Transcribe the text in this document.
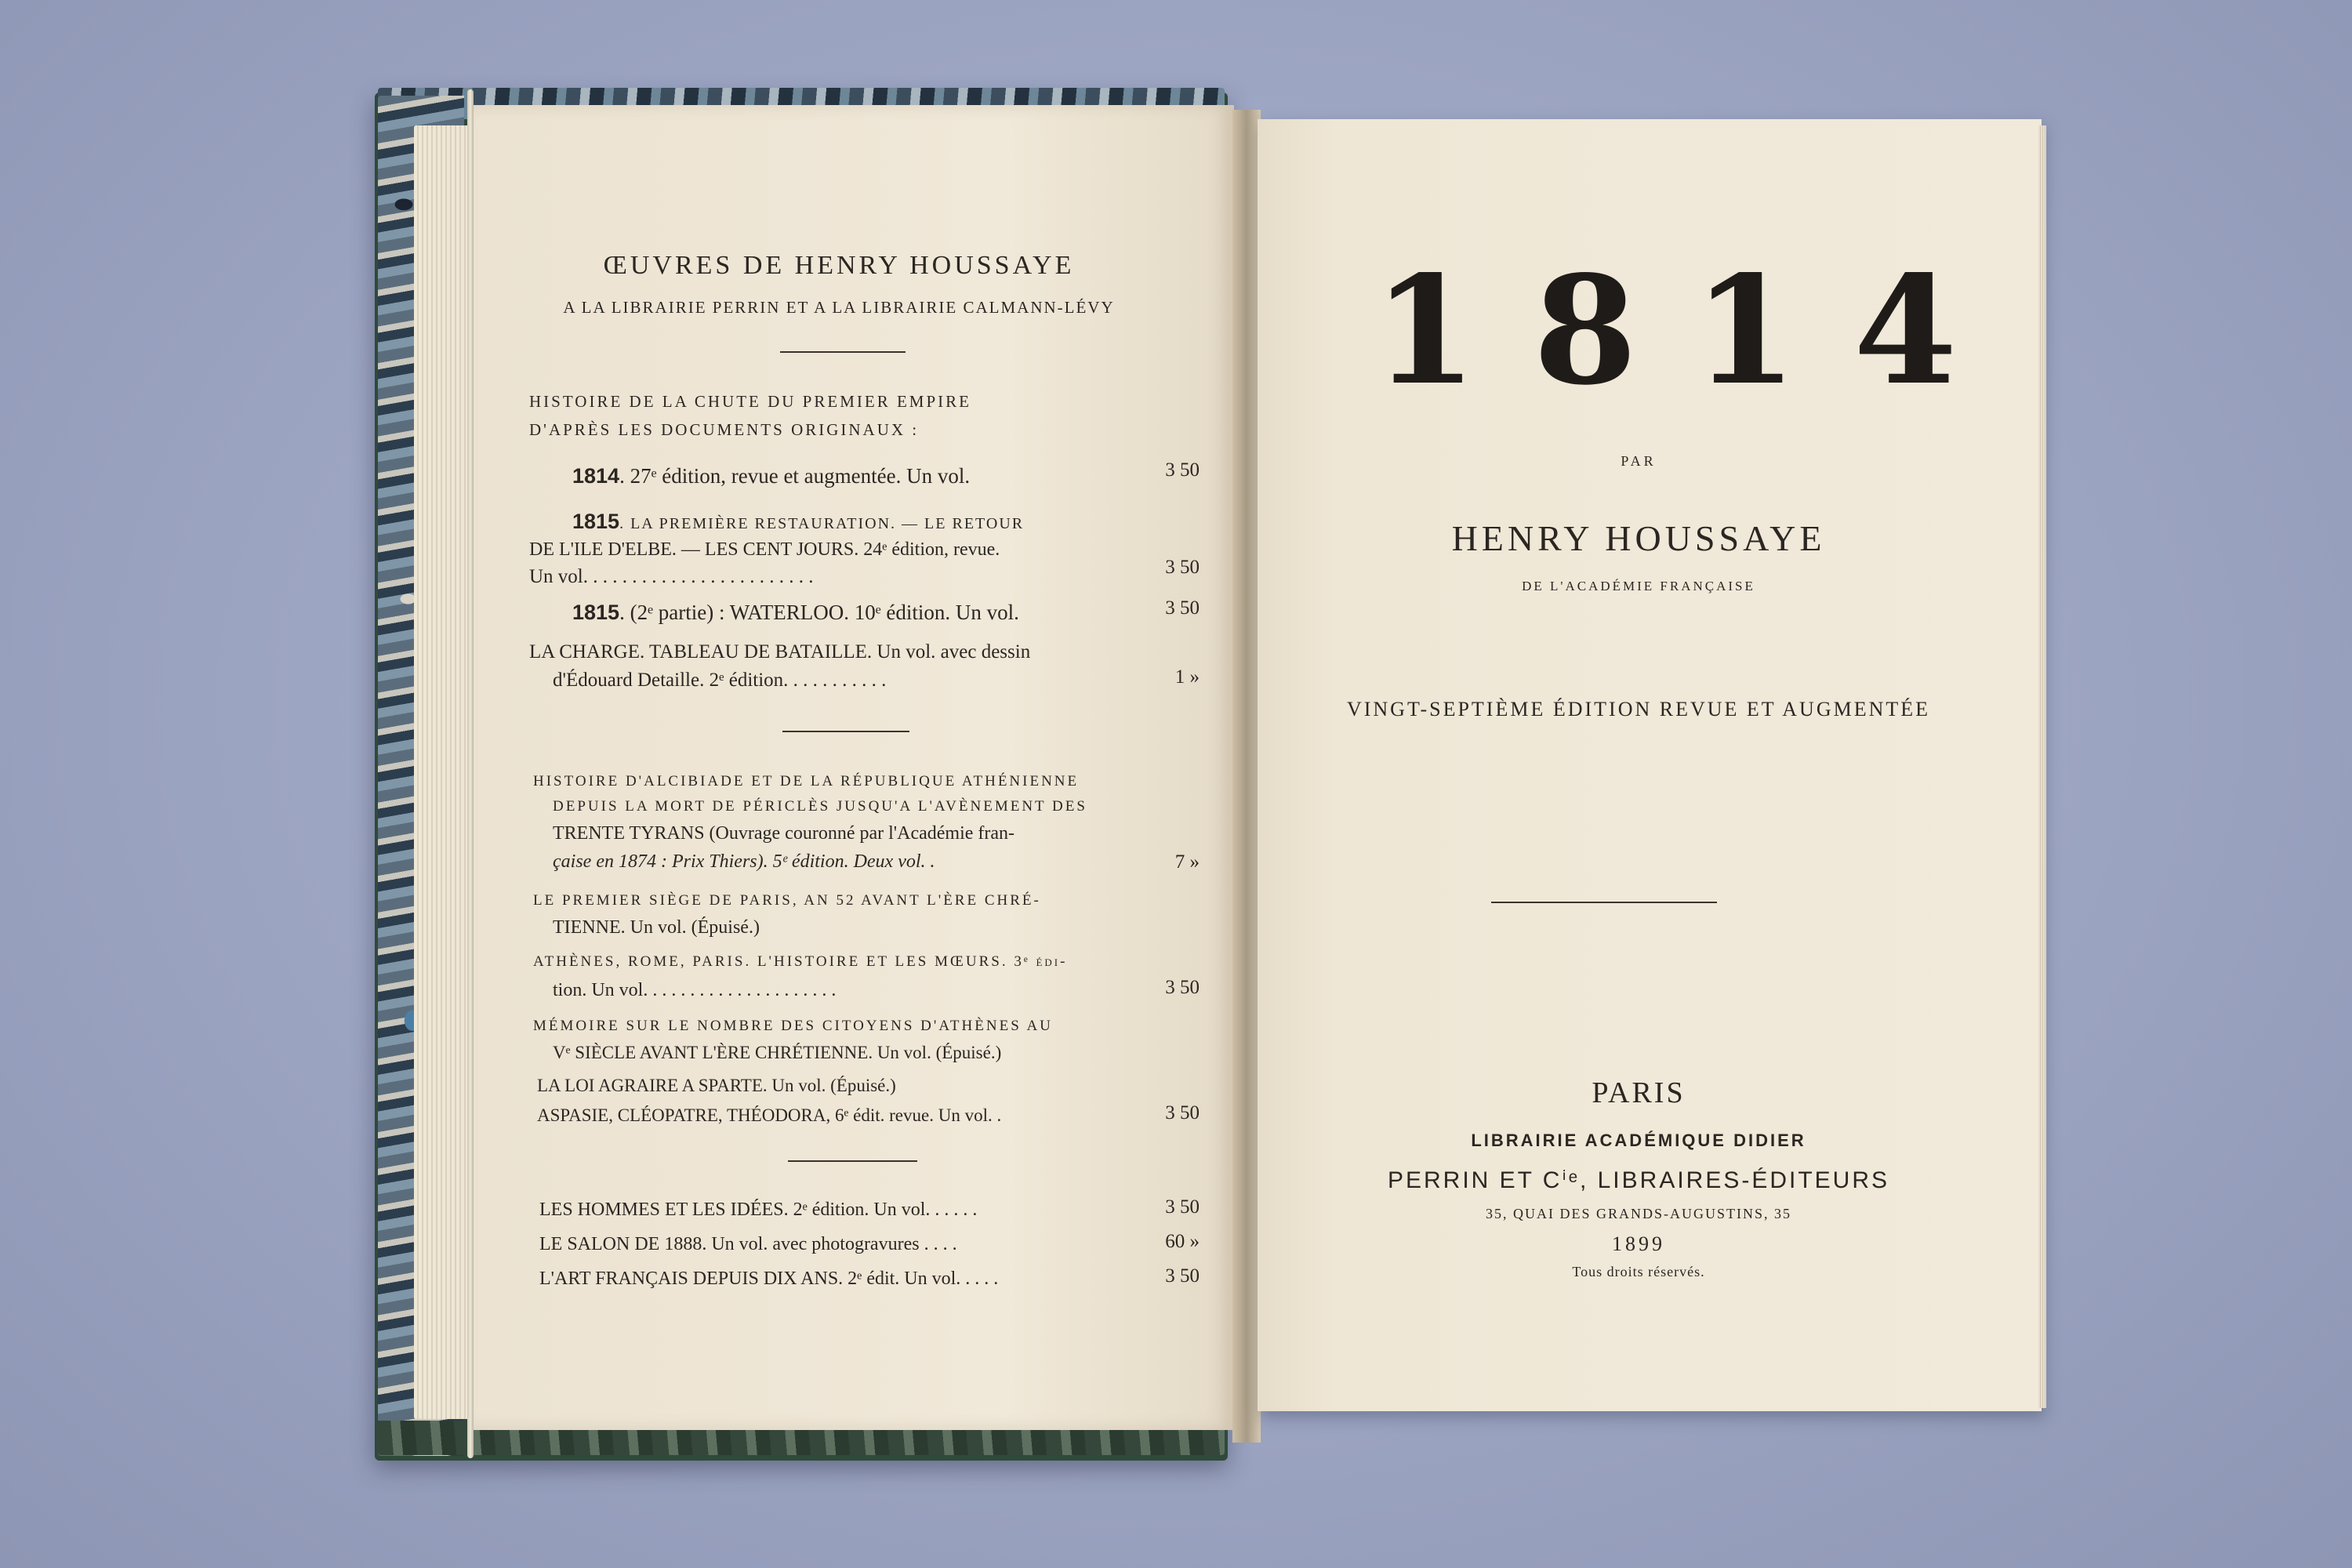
ŒUVRES DE HENRY HOUSSAYE
A LA LIBRAIRIE PERRIN ET A LA LIBRAIRIE CALMANN-LÉVY
HISTOIRE DE LA CHUTE DU PREMIER EMPIRE
D'APRÈS LES DOCUMENTS ORIGINAUX :
1814. 27ᵉ édition, revue et augmentée. Un vol.	3 50
1815. LA PREMIÈRE RESTAURATION. — LE RETOUR
DE L'ILE D'ELBE. — LES CENT JOURS. 24ᵉ édition, revue.
Un vol. . . . . . . . . . . . . . . . . . . . . . . .	3 50
1815. (2ᵉ partie) : WATERLOO. 10ᵉ édition. Un vol.	3 50
LA CHARGE. TABLEAU DE BATAILLE. Un vol. avec dessin
d'Édouard Detaille. 2ᵉ édition. . . . . . . . . . .	1 »
HISTOIRE D'ALCIBIADE ET DE LA RÉPUBLIQUE ATHÉNIENNE
DEPUIS LA MORT DE PÉRICLÈS JUSQU'A L'AVÈNEMENT DES
TRENTE TYRANS (Ouvrage couronné par l'Académie fran-
çaise en 1874 : Prix Thiers). 5ᵉ édition. Deux vol. .	7 »
LE PREMIER SIÈGE DE PARIS, AN 52 AVANT L'ÈRE CHRÉ-
TIENNE. Un vol. (Épuisé.)
ATHÈNES, ROME, PARIS. L'HISTOIRE ET LES MŒURS. 3ᵉ édi-
tion. Un vol. . . . . . . . . . . . . . . . . . . . .	3 50
MÉMOIRE SUR LE NOMBRE DES CITOYENS D'ATHÈNES AU
Vᵉ SIÈCLE AVANT L'ÈRE CHRÉTIENNE. Un vol. (Épuisé.)
LA LOI AGRAIRE A SPARTE. Un vol. (Épuisé.)
ASPASIE, CLÉOPATRE, THÉODORA, 6ᵉ édit. revue. Un vol. .	3 50
LES HOMMES ET LES IDÉES. 2ᵉ édition. Un vol. . . . . .	3 50
LE SALON DE 1888. Un vol. avec photogravures . . . .	60 »
L'ART FRANÇAIS DEPUIS DIX ANS. 2ᵉ édit. Un vol. . . . .	3 50
1814
PAR
HENRY HOUSSAYE
DE L'ACADÉMIE FRANÇAISE
VINGT-SEPTIÈME ÉDITION REVUE ET AUGMENTÉE
PARIS
LIBRAIRIE ACADÉMIQUE DIDIER
PERRIN ET Cⁱᵉ, LIBRAIRES-ÉDITEURS
35, QUAI DES GRANDS-AUGUSTINS, 35
1899
Tous droits réservés.
